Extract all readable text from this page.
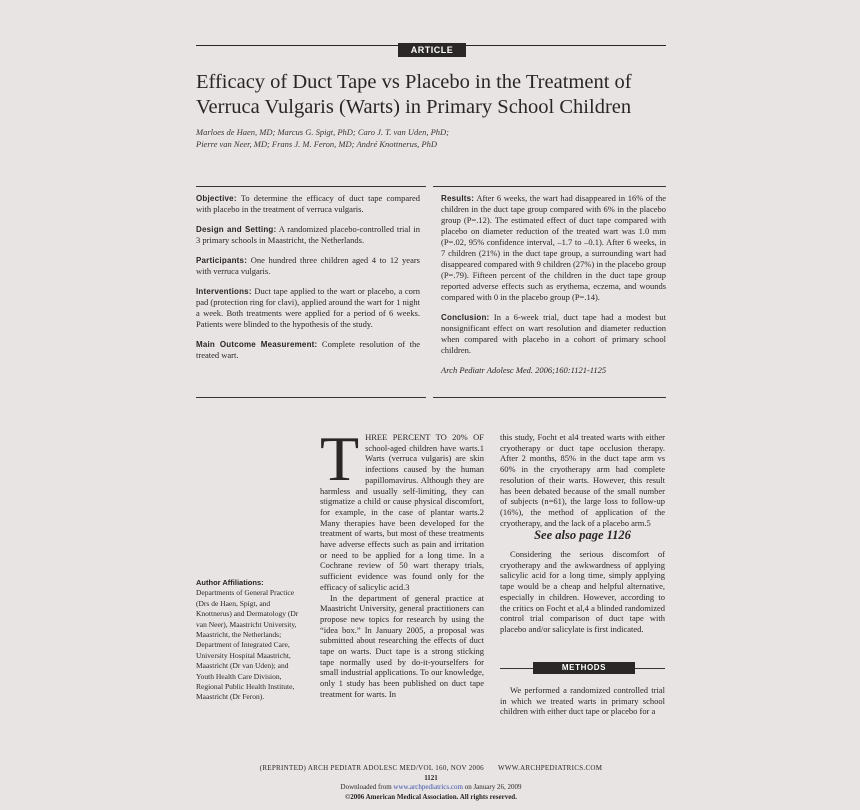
ARTICLE
Efficacy of Duct Tape vs Placebo in the Treatment of Verruca Vulgaris (Warts) in Primary School Children
Marloes de Haen, MD; Marcus G. Spigt, PhD; Caro J. T. van Uden, PhD;
Pierre van Neer, MD; Frans J. M. Feron, MD; André Knottnerus, PhD

Objective: To determine the efficacy of duct tape compared with placebo in the treatment of verruca vulgaris.

Design and Setting: A randomized placebo-controlled trial in 3 primary schools in Maastricht, the Netherlands.

Participants: One hundred three children aged 4 to 12 years with verruca vulgaris.

Interventions: Duct tape applied to the wart or placebo, a corn pad (protection ring for clavi), applied around the wart for 1 night a week. Both treatments were applied for a period of 6 weeks. Patients were blinded to the hypothesis of the study.

Main Outcome Measurement: Complete resolution of the treated wart.

Results: After 6 weeks, the wart had disappeared in 16% of the children in the duct tape group compared with 6% in the placebo group (P=.12). The estimated effect of duct tape compared with placebo on diameter reduction of the treated wart was 1.0 mm (P=.02, 95% confidence interval, –1.7 to –0.1). After 6 weeks, in 7 children (21%) in the duct tape group, a surrounding wart had disappeared compared with 9 children (27%) in the placebo group (P=.79). Fifteen percent of the children in the duct tape group reported adverse effects such as erythema, eczema, and wounds compared with 0 in the placebo group (P=.14).

Conclusion: In a 6-week trial, duct tape had a modest but nonsignificant effect on wart resolution and diameter reduction when compared with placebo in a cohort of primary school children.

Arch Pediatr Adolesc Med. 2006;160:1121-1125

Author Affiliations:
Departments of General Practice (Drs de Haen, Spigt, and Knottnerus) and Dermatology (Dr van Neer), Maastricht University, Maastricht, the Netherlands; Department of Integrated Care, University Hospital Maastricht, Maastricht (Dr van Uden); and Youth Health Care Division, Regional Public Health Institute, Maastricht (Dr Feron).

T HREE PERCENT TO 20% OF school-aged children have warts.1 Warts (verruca vulgaris) are skin infections caused by the human papillomavirus. Although they are harmless and usually self-limiting, they can stigmatize a child or cause physical discomfort, for example, in the case of plantar warts.2 Many therapies have been developed for the treatment of warts, but most of these treatments have adverse effects such as pain and irritation or need to be applied for a long time. In a Cochrane review of 50 wart therapy trials, sufficient evidence was found only for the efficacy of salicylic acid.3

In the department of general practice at Maastricht University, general practitioners can propose new topics for research by using the “idea box.” In January 2005, a proposal was submitted about researching the effects of duct tape on warts. Duct tape is a strong sticking tape normally used by do-it-yourselfers for small industrial applications. To our knowledge, only 1 study has been published on duct tape treatment for warts. In

this study, Focht et al4 treated warts with either cryotherapy or duct tape occlusion therapy. After 2 months, 85% in the duct tape arm vs 60% in the cryotherapy arm had complete resolution of their warts. However, this result has been debated because of the small number of subjects (n=61), the large loss to follow-up (16%), the method of application of the cryotherapy, and the lack of a placebo arm.5

See also page 1126

Considering the serious discomfort of cryotherapy and the awkwardness of applying salicylic acid for a long time, simply applying tape would be a cheap and helpful alternative, especially in children. However, according to the critics on Focht et al,4 a blinded randomized control trial comparison of duct tape with placebo and/or salicylate is first indicated.

METHODS

We performed a randomized controlled trial in which we treated warts in primary school children with either duct tape or placebo for a

(REPRINTED) ARCH PEDIATR ADOLESC MED/VOL 160, NOV 2006 WWW.ARCHPEDIATRICS.COM
1121
Downloaded from www.archpediatrics.com on January 26, 2009
©2006 American Medical Association. All rights reserved.
